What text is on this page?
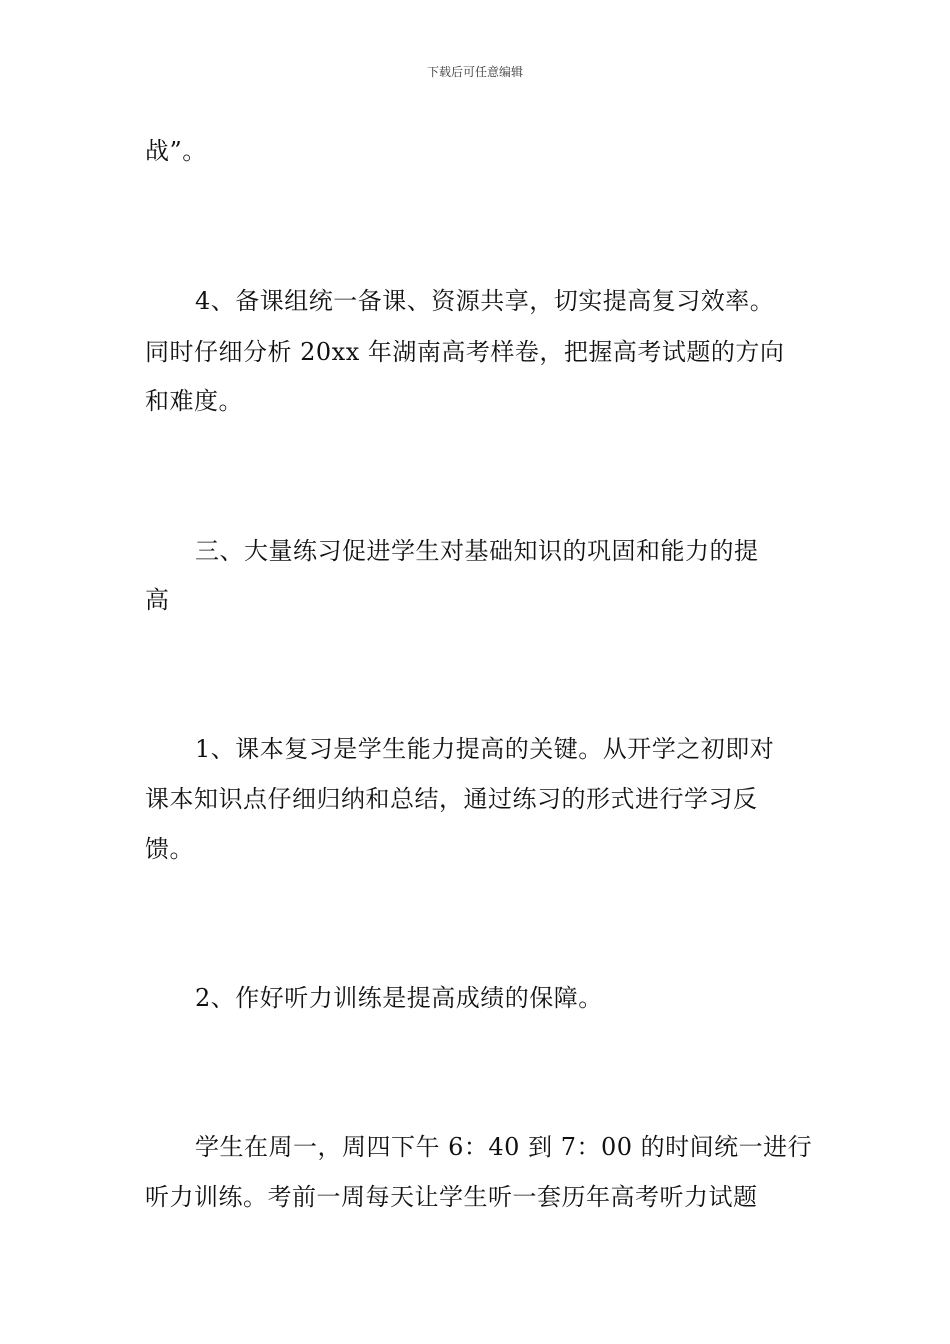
下载后可任意编辑
战”。
4、备课组统一备课、资源共享，切实提高复习效率。
同时仔细分析 20xx 年湖南高考样卷，把握高考试题的方向
和难度。
三、大量练习促进学生对基础知识的巩固和能力的提
高
1、课本复习是学生能力提高的关键。从开学之初即对
课本知识点仔细归纳和总结，通过练习的形式进行学习反
馈。
2、作好听力训练是提高成绩的保障。
学生在周一，周四下午 6：40 到 7：00 的时间统一进行
听力训练。考前一周每天让学生听一套历年高考听力试题
